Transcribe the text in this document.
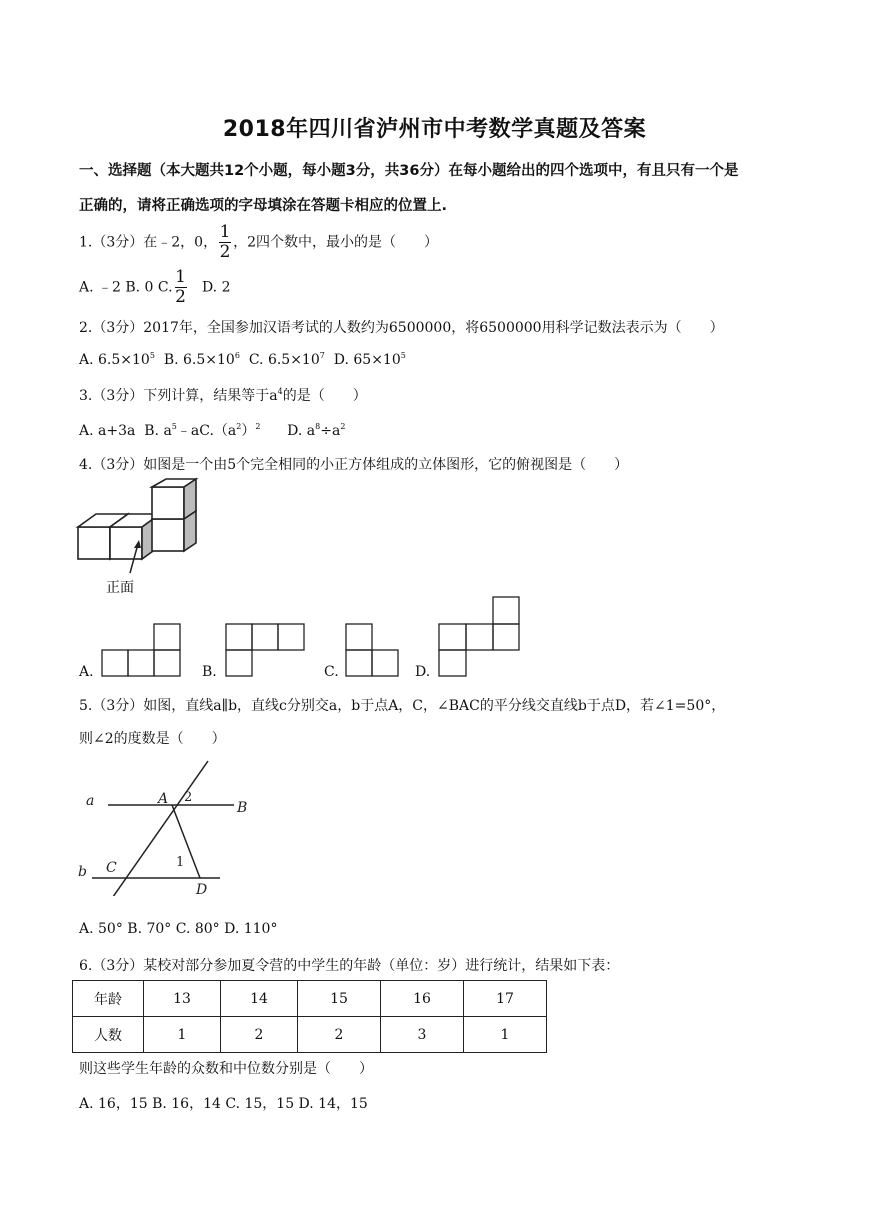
2018年四川省泸州市中考数学真题及答案
一、选择题（本大题共12个小题，每小题3分，共36分）在每小题给出的四个选项中，有且只有一个是
正确的，请将正确选项的字母填涂在答题卡相应的位置上.
1.（3分）在﹣2，0， $\frac{1}{2}$ ，2四个数中，最小的是（　　）
A. ﹣2 B. 0 C. $\frac{1}{2} D$. 2
2.（3分）2017年，全国参加汉语考试的人数约为6500000，将6500000用科学记数法表示为（　　）
A. $6.5\times 10^5$ B. $6.5\times 10^6$ C. $6.5\times 10^7$ D. $65\times 10^5$
3.（3分）下列计算，结果等于$a^4$的是（　　）
A. a+3a B. $a^5﹣aC.(a^2)^2$ D. $a^8\div a^2$
4.（3分）如图是一个由5个完全相同的小正方体组成的立体图形，它的俯视图是（　　）
正面
A.	B.	C.	D.
5.（3分）如图，直线a∥b，直线c分别交a，b于点A，C，∠BAC的平分线交直线b于点D，若∠1=50°，
则∠2的度数是（　　）
a
b
A
B
C
D
2
1
A. 50° B. 70° C. 80° D. 110°
6.（3分）某校对部分参加夏令营的中学生的年龄（单位：岁）进行统计，结果如下表：
年龄	13	14	15	16	17
人数	1	2	2	3	1
则这些学生年龄的众数和中位数分别是（　　）
A. 16，15 B. 16，14 C. 15，15 D. 14，15
